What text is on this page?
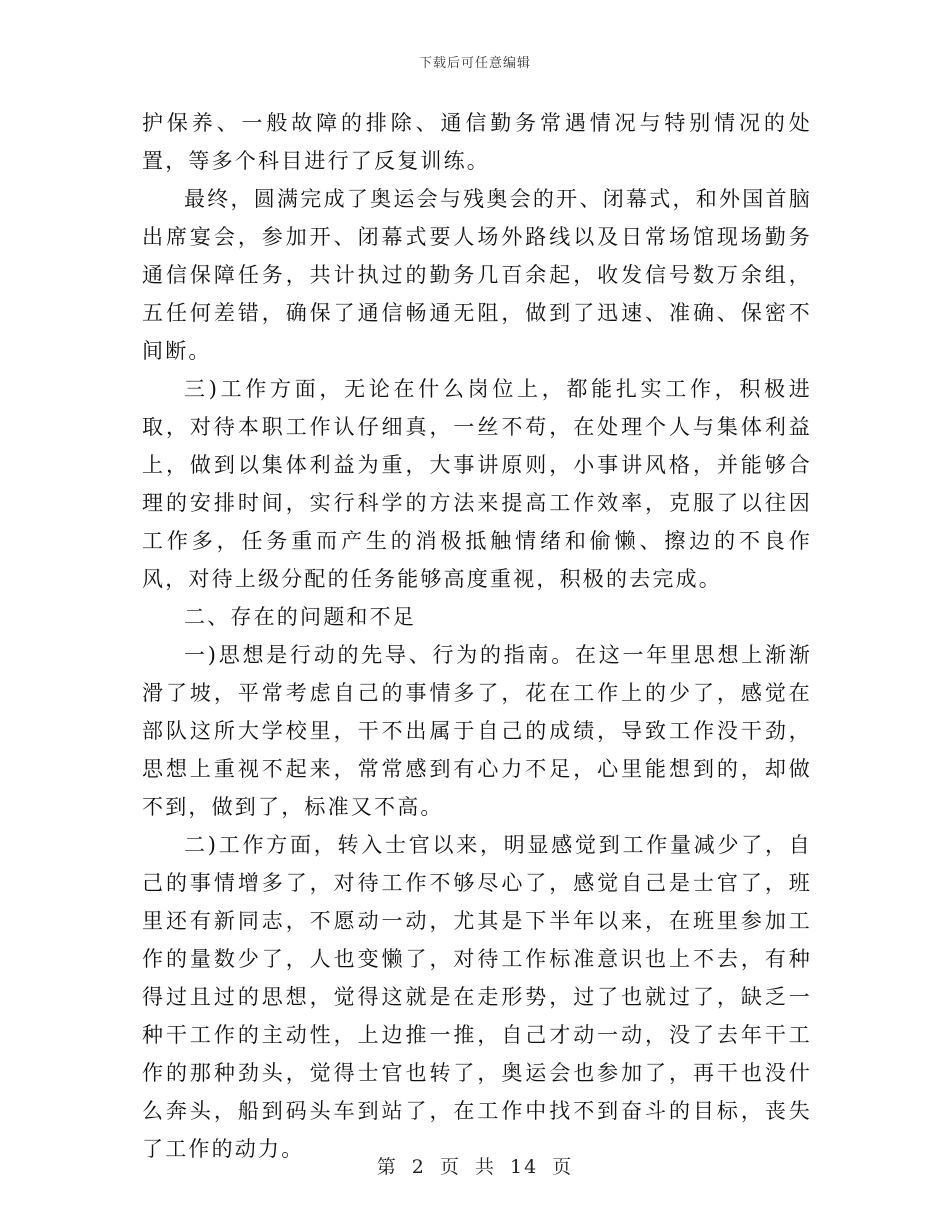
下载后可任意编辑

护保养、一般故障的排除、通信勤务常遇情况与特别情况的处置，等多个科目进行了反复训练。

最终，圆满完成了奥运会与残奥会的开、闭幕式，和外国首脑出席宴会，参加开、闭幕式要人场外路线以及日常场馆现场勤务通信保障任务，共计执过的勤务几百余起，收发信号数万余组，五任何差错，确保了通信畅通无阻，做到了迅速、准确、保密不间断。

三)工作方面，无论在什么岗位上，都能扎实工作，积极进取，对待本职工作认仔细真，一丝不苟，在处理个人与集体利益上，做到以集体利益为重，大事讲原则，小事讲风格，并能够合理的安排时间，实行科学的方法来提高工作效率，克服了以往因工作多，任务重而产生的消极抵触情绪和偷懒、擦边的不良作风，对待上级分配的任务能够高度重视，积极的去完成。

二、存在的问题和不足

一)思想是行动的先导、行为的指南。在这一年里思想上渐渐滑了坡，平常考虑自己的事情多了，花在工作上的少了，感觉在部队这所大学校里，干不出属于自己的成绩，导致工作没干劲，思想上重视不起来，常常感到有心力不足，心里能想到的，却做不到，做到了，标准又不高。

二)工作方面，转入士官以来，明显感觉到工作量减少了，自己的事情增多了，对待工作不够尽心了，感觉自己是士官了，班里还有新同志，不愿动一动，尤其是下半年以来，在班里参加工作的量数少了，人也变懒了，对待工作标准意识也上不去，有种得过且过的思想，觉得这就是在走形势，过了也就过了，缺乏一种干工作的主动性，上边推一推，自己才动一动，没了去年干工作的那种劲头，觉得士官也转了，奥运会也参加了，再干也没什么奔头，船到码头车到站了，在工作中找不到奋斗的目标，丧失了工作的动力。

第 2 页 共 14 页
